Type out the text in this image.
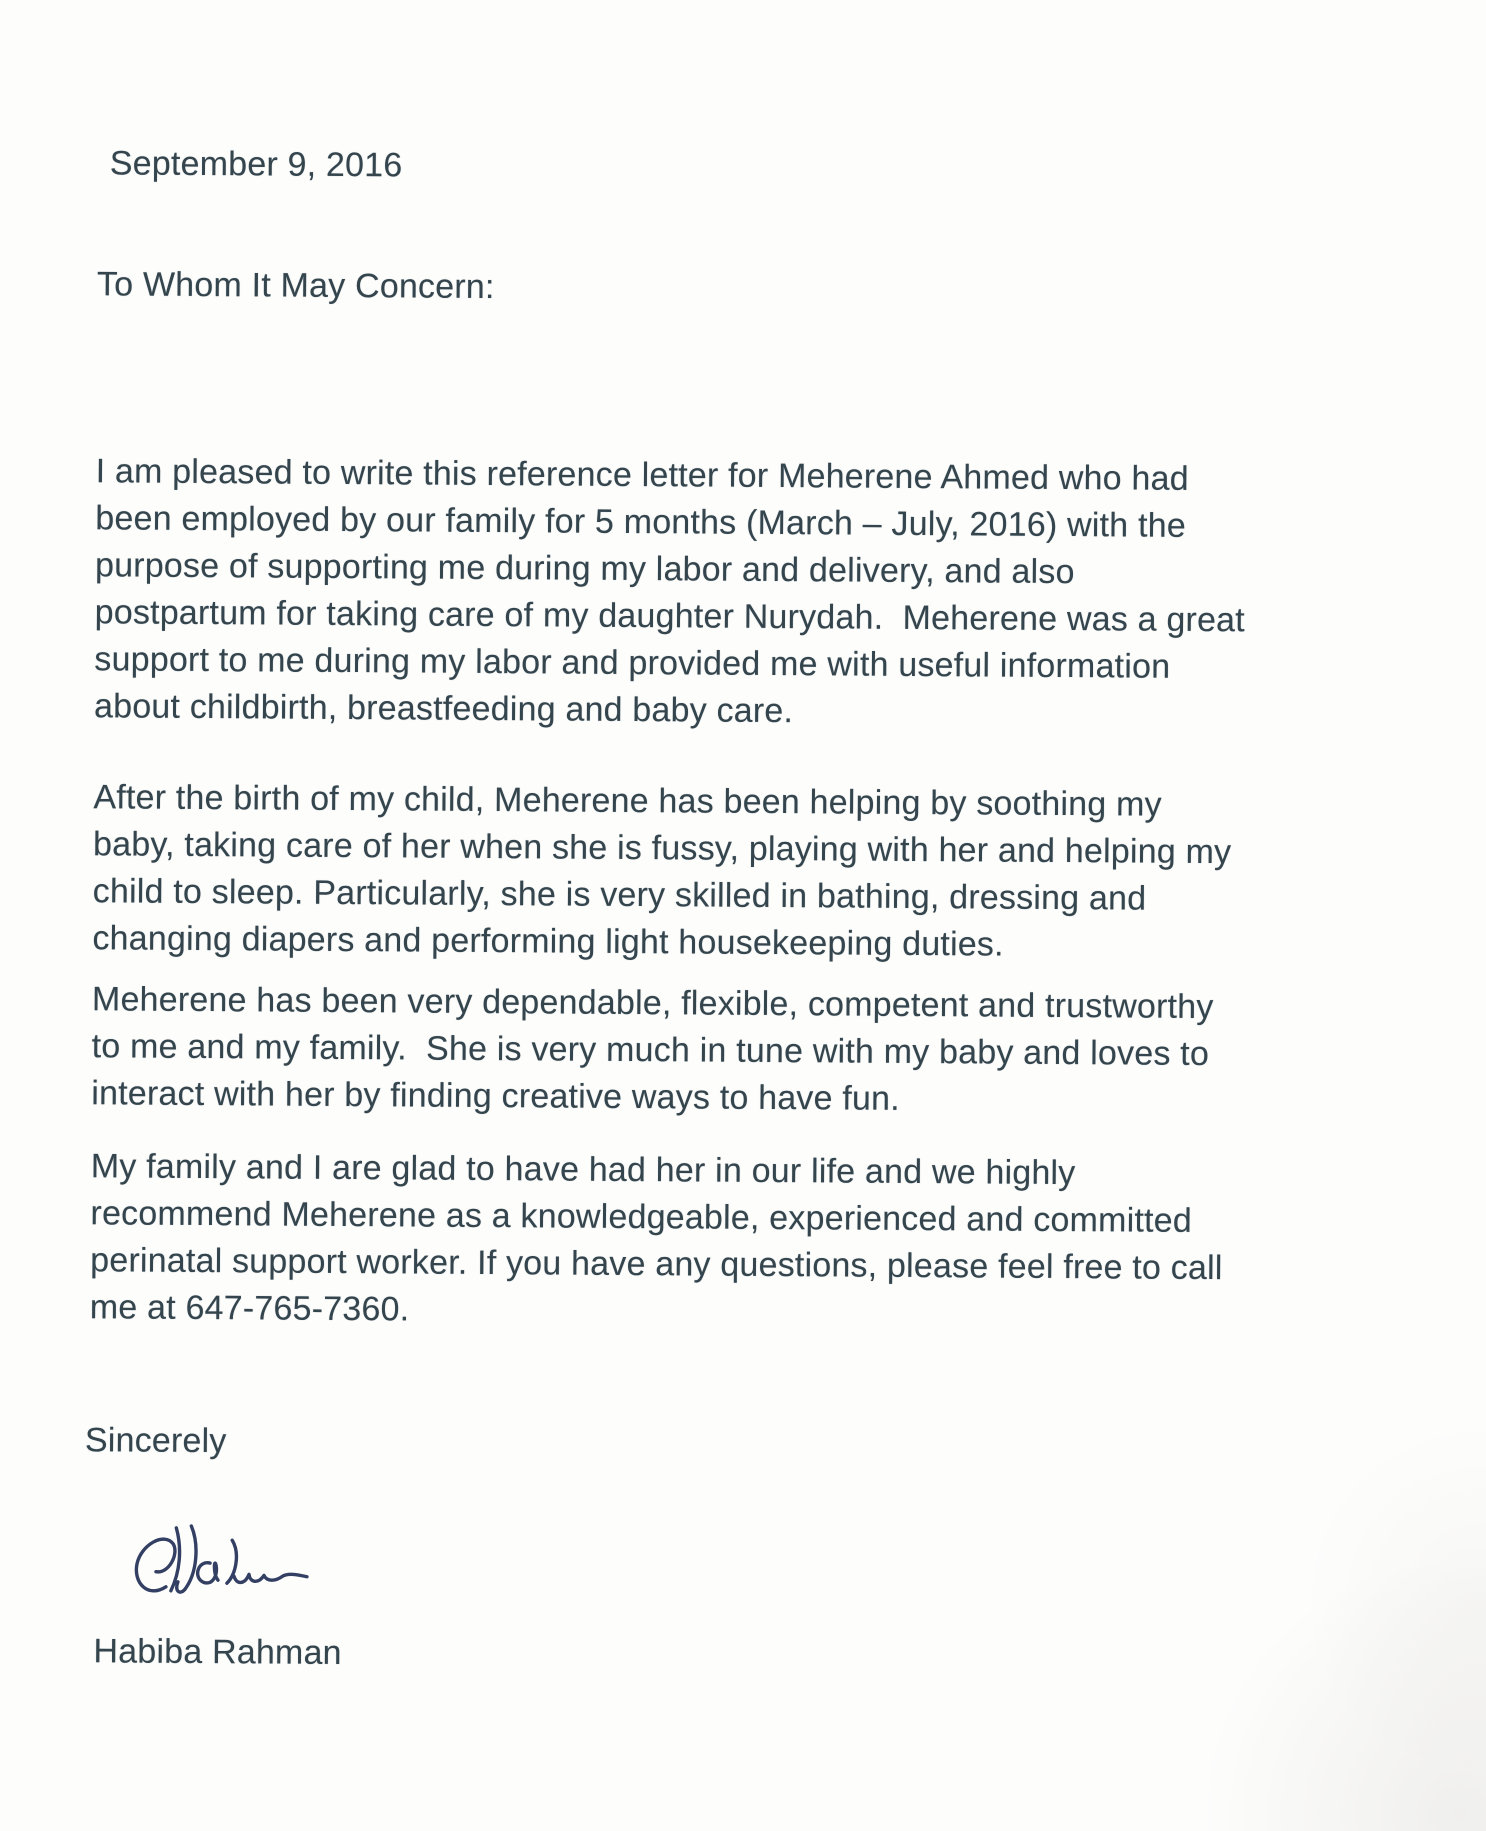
September 9, 2016
To Whom It May Concern:

I am pleased to write this reference letter for Meherene Ahmed who had
been employed by our family for 5 months (March – July, 2016) with the
purpose of supporting me during my labor and delivery, and also
postpartum for taking care of my daughter Nurydah.  Meherene was a great
support to me during my labor and provided me with useful information
about childbirth, breastfeeding and baby care.

After the birth of my child, Meherene has been helping by soothing my
baby, taking care of her when she is fussy, playing with her and helping my
child to sleep. Particularly, she is very skilled in bathing, dressing and
changing diapers and performing light housekeeping duties.

Meherene has been very dependable, flexible, competent and trustworthy
to me and my family.  She is very much in tune with my baby and loves to
interact with her by finding creative ways to have fun.

My family and I are glad to have had her in our life and we highly
recommend Meherene as a knowledgeable, experienced and committed
perinatal support worker. If you have any questions, please feel free to call
me at 647-765-7360.

Sincerely
Habiba Rahman
